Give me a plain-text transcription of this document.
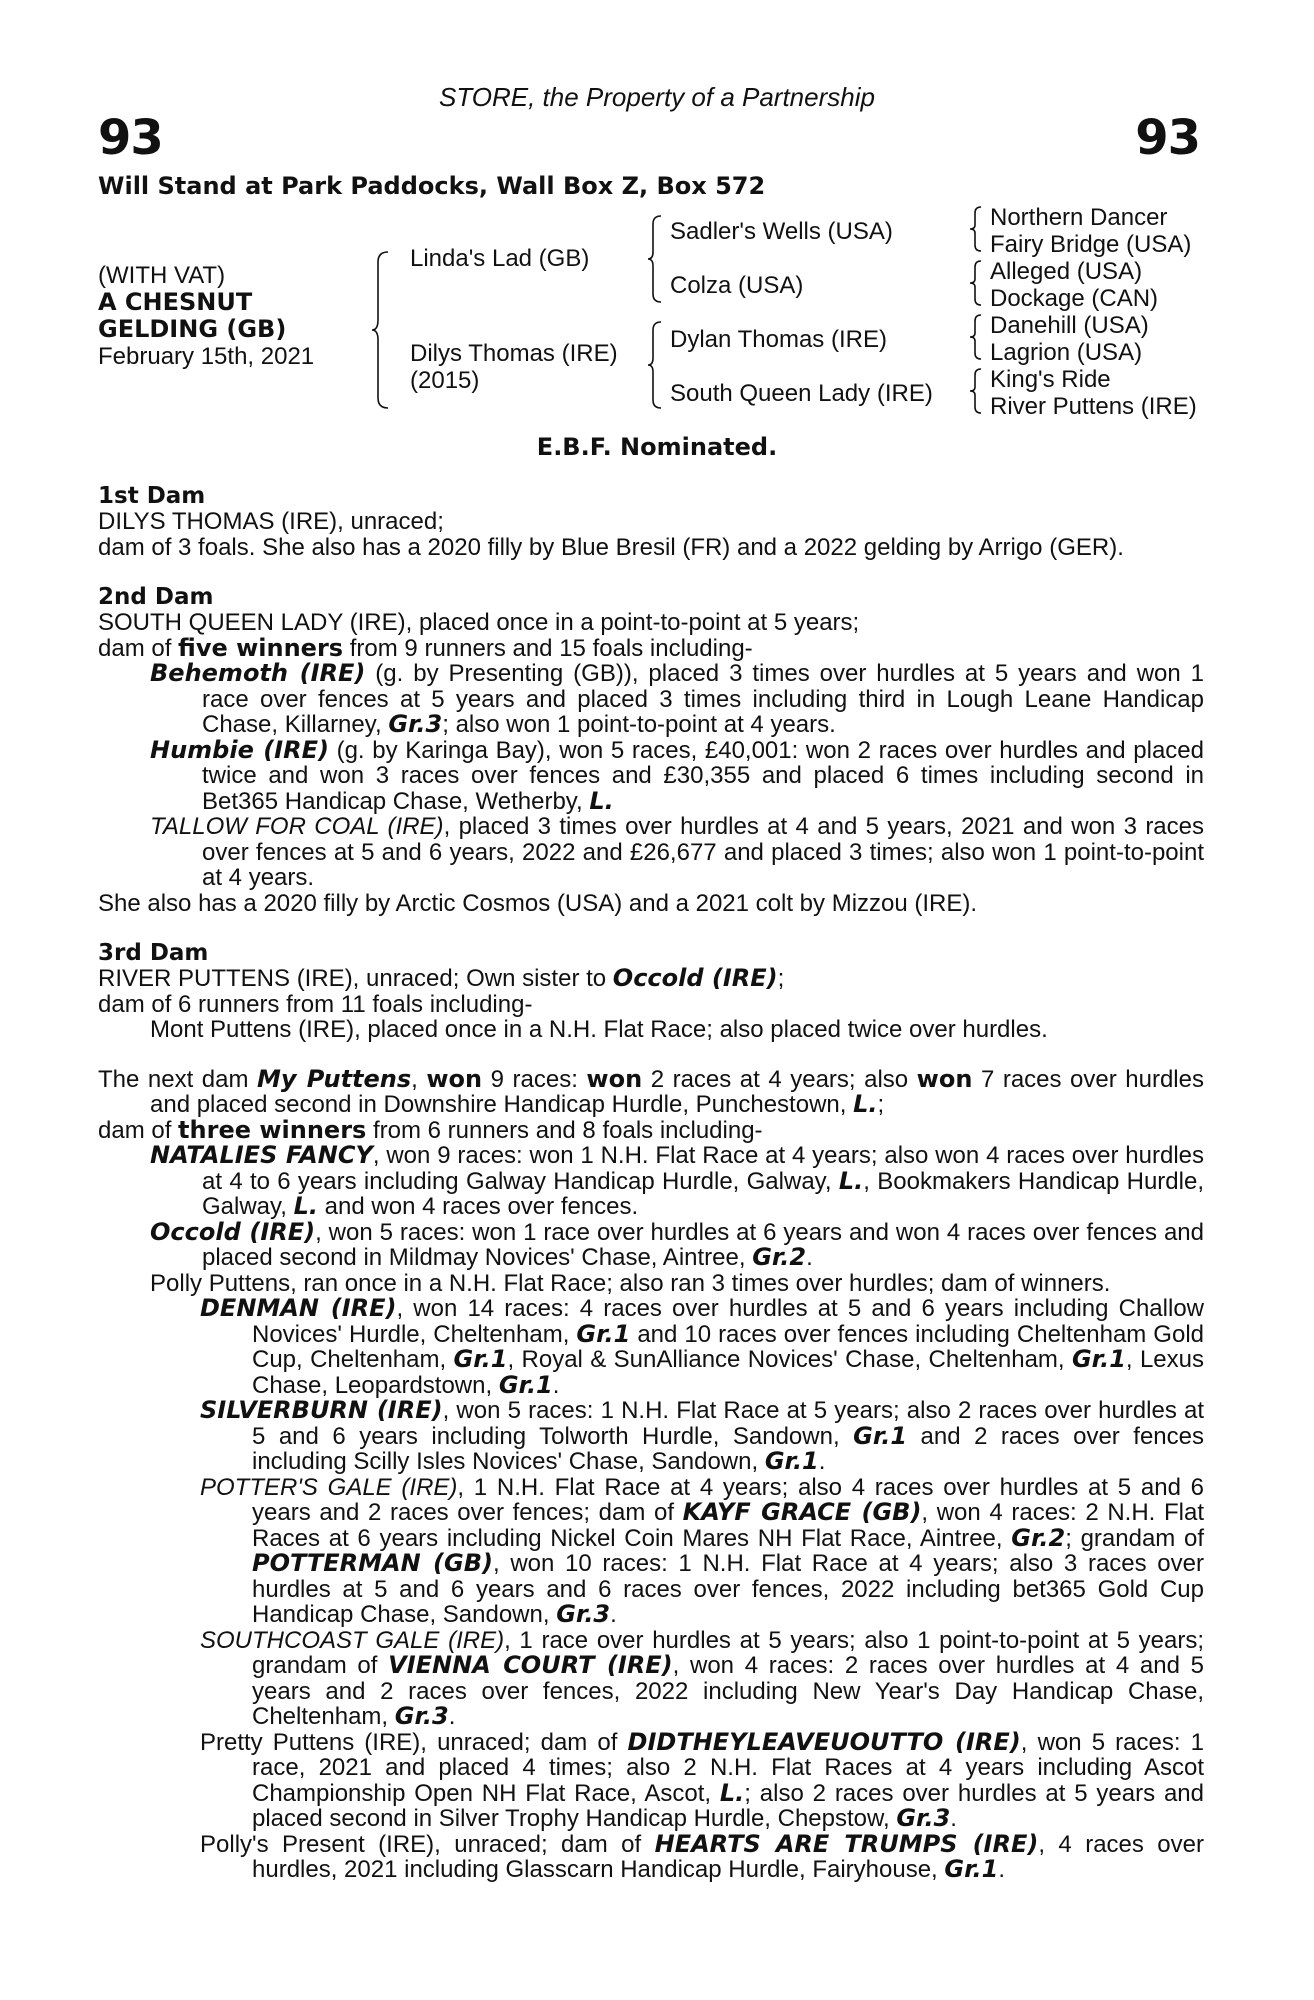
STORE, the Property of a Partnership
93	93
Will Stand at Park Paddocks, Wall Box Z, Box 572
(WITH VAT)
A CHESNUT
GELDING (GB)
February 15th, 2021
Linda's Lad (GB)
Dilys Thomas (IRE)
(2015)
Sadler's Wells (USA)
Colza (USA)
Dylan Thomas (IRE)
South Queen Lady (IRE)
Northern Dancer
Fairy Bridge (USA)
Alleged (USA)
Dockage (CAN)
Danehill (USA)
Lagrion (USA)
King's Ride
River Puttens (IRE)
E.B.F. Nominated.
1st Dam
DILYS THOMAS (IRE), unraced;
dam of 3 foals. She also has a 2020 filly by Blue Bresil (FR) and a 2022 gelding by Arrigo (GER).
2nd Dam
SOUTH QUEEN LADY (IRE), placed once in a point-to-point at 5 years;
dam of five winners from 9 runners and 15 foals including-
Behemoth (IRE) (g. by Presenting (GB)), placed 3 times over hurdles at 5 years and won 1 race over fences at 5 years and placed 3 times including third in Lough Leane Handicap Chase, Killarney, Gr.3; also won 1 point-to-point at 4 years.
Humbie (IRE) (g. by Karinga Bay), won 5 races, £40,001: won 2 races over hurdles and placed twice and won 3 races over fences and £30,355 and placed 6 times including second in Bet365 Handicap Chase, Wetherby, L.
TALLOW FOR COAL (IRE), placed 3 times over hurdles at 4 and 5 years, 2021 and won 3 races over fences at 5 and 6 years, 2022 and £26,677 and placed 3 times; also won 1 point-to-point at 4 years.
She also has a 2020 filly by Arctic Cosmos (USA) and a 2021 colt by Mizzou (IRE).
3rd Dam
RIVER PUTTENS (IRE), unraced; Own sister to Occold (IRE);
dam of 6 runners from 11 foals including-
Mont Puttens (IRE), placed once in a N.H. Flat Race; also placed twice over hurdles.
The next dam My Puttens, won 9 races: won 2 races at 4 years; also won 7 races over hurdles and placed second in Downshire Handicap Hurdle, Punchestown, L.;
dam of three winners from 6 runners and 8 foals including-
NATALIES FANCY, won 9 races: won 1 N.H. Flat Race at 4 years; also won 4 races over hurdles at 4 to 6 years including Galway Handicap Hurdle, Galway, L., Bookmakers Handicap Hurdle, Galway, L. and won 4 races over fences.
Occold (IRE), won 5 races: won 1 race over hurdles at 6 years and won 4 races over fences and placed second in Mildmay Novices' Chase, Aintree, Gr.2.
Polly Puttens, ran once in a N.H. Flat Race; also ran 3 times over hurdles; dam of winners.
DENMAN (IRE), won 14 races: 4 races over hurdles at 5 and 6 years including Challow Novices' Hurdle, Cheltenham, Gr.1 and 10 races over fences including Cheltenham Gold Cup, Cheltenham, Gr.1, Royal & SunAlliance Novices' Chase, Cheltenham, Gr.1, Lexus Chase, Leopardstown, Gr.1.
SILVERBURN (IRE), won 5 races: 1 N.H. Flat Race at 5 years; also 2 races over hurdles at 5 and 6 years including Tolworth Hurdle, Sandown, Gr.1 and 2 races over fences including Scilly Isles Novices' Chase, Sandown, Gr.1.
POTTER'S GALE (IRE), 1 N.H. Flat Race at 4 years; also 4 races over hurdles at 5 and 6 years and 2 races over fences; dam of KAYF GRACE (GB), won 4 races: 2 N.H. Flat Races at 6 years including Nickel Coin Mares NH Flat Race, Aintree, Gr.2; grandam of POTTERMAN (GB), won 10 races: 1 N.H. Flat Race at 4 years; also 3 races over hurdles at 5 and 6 years and 6 races over fences, 2022 including bet365 Gold Cup Handicap Chase, Sandown, Gr.3.
SOUTHCOAST GALE (IRE), 1 race over hurdles at 5 years; also 1 point-to-point at 5 years; grandam of VIENNA COURT (IRE), won 4 races: 2 races over hurdles at 4 and 5 years and 2 races over fences, 2022 including New Year's Day Handicap Chase, Cheltenham, Gr.3.
Pretty Puttens (IRE), unraced; dam of DIDTHEYLEAVEUOUTTO (IRE), won 5 races: 1 race, 2021 and placed 4 times; also 2 N.H. Flat Races at 4 years including Ascot Championship Open NH Flat Race, Ascot, L.; also 2 races over hurdles at 5 years and placed second in Silver Trophy Handicap Hurdle, Chepstow, Gr.3.
Polly's Present (IRE), unraced; dam of HEARTS ARE TRUMPS (IRE), 4 races over hurdles, 2021 including Glasscarn Handicap Hurdle, Fairyhouse, Gr.1.
